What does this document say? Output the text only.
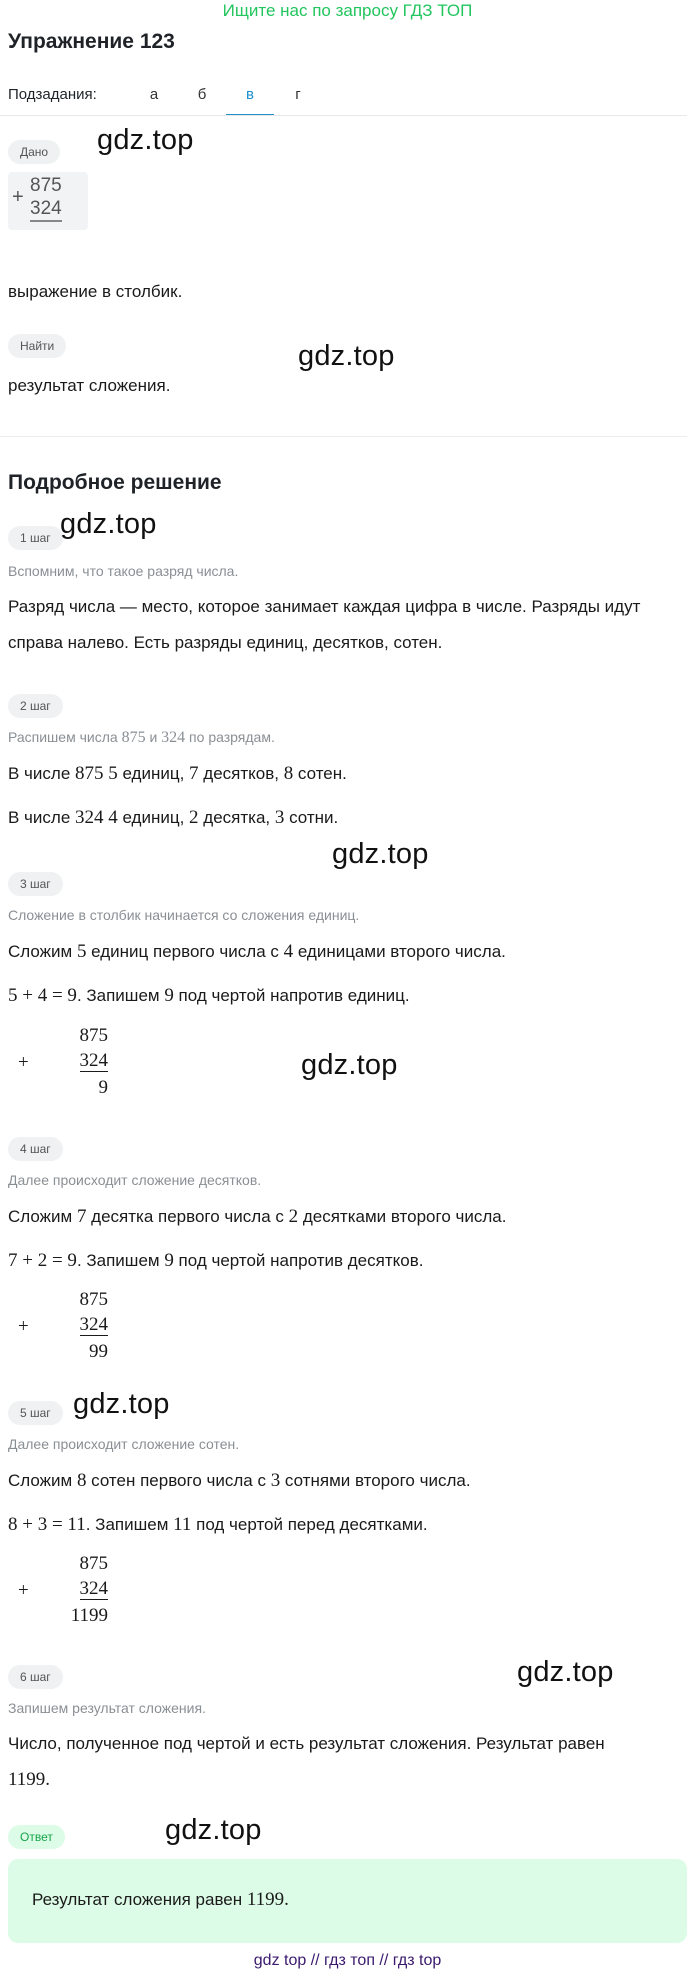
Ищите нас по запросу ГДЗ ТОП
Упражнение 123
Подзадания:	а	б	в	г
Дано	gdz.top
+
875
324
выражение в столбик.
Найти	gdz.top
результат сложения.
Подробное решение
1 шаг gdz.top
Вспомним, что такое разряд числа.
Разряд числа — место, которое занимает каждая цифра в числе. Разряды идут
справа налево. Есть разряды единиц, десятков, сотен.
2 шаг
Распишем числа 875 и 324 по разрядам.
В числе 875 5 единиц, 7 десятков, 8 сотен.
В числе 324 4 единиц, 2 десятка, 3 сотни.
gdz.top
3 шаг
Сложение в столбик начинается со сложения единиц.
Сложим 5 единиц первого числа с 4 единицами второго числа.
5 + 4 = 9. Запишем 9 под чертой напротив единиц.
+
875
324
9
gdz.top
4 шаг
Далее происходит сложение десятков.
Сложим 7 десятка первого числа с 2 десятками второго числа.
7 + 2 = 9. Запишем 9 под чертой напротив десятков.
+
875
324
99
5 шаг gdz.top
Далее происходит сложение сотен.
Сложим 8 сотен первого числа с 3 сотнями второго числа.
8 + 3 = 11. Запишем 11 под чертой перед десятками.
+
875
324
1199
gdz.top
6 шаг
Запишем результат сложения.
Число, полученное под чертой и есть результат сложения. Результат равен
1199.
Ответ	gdz.top
Результат сложения равен 1199.
gdz top // гдз топ // гдз top
